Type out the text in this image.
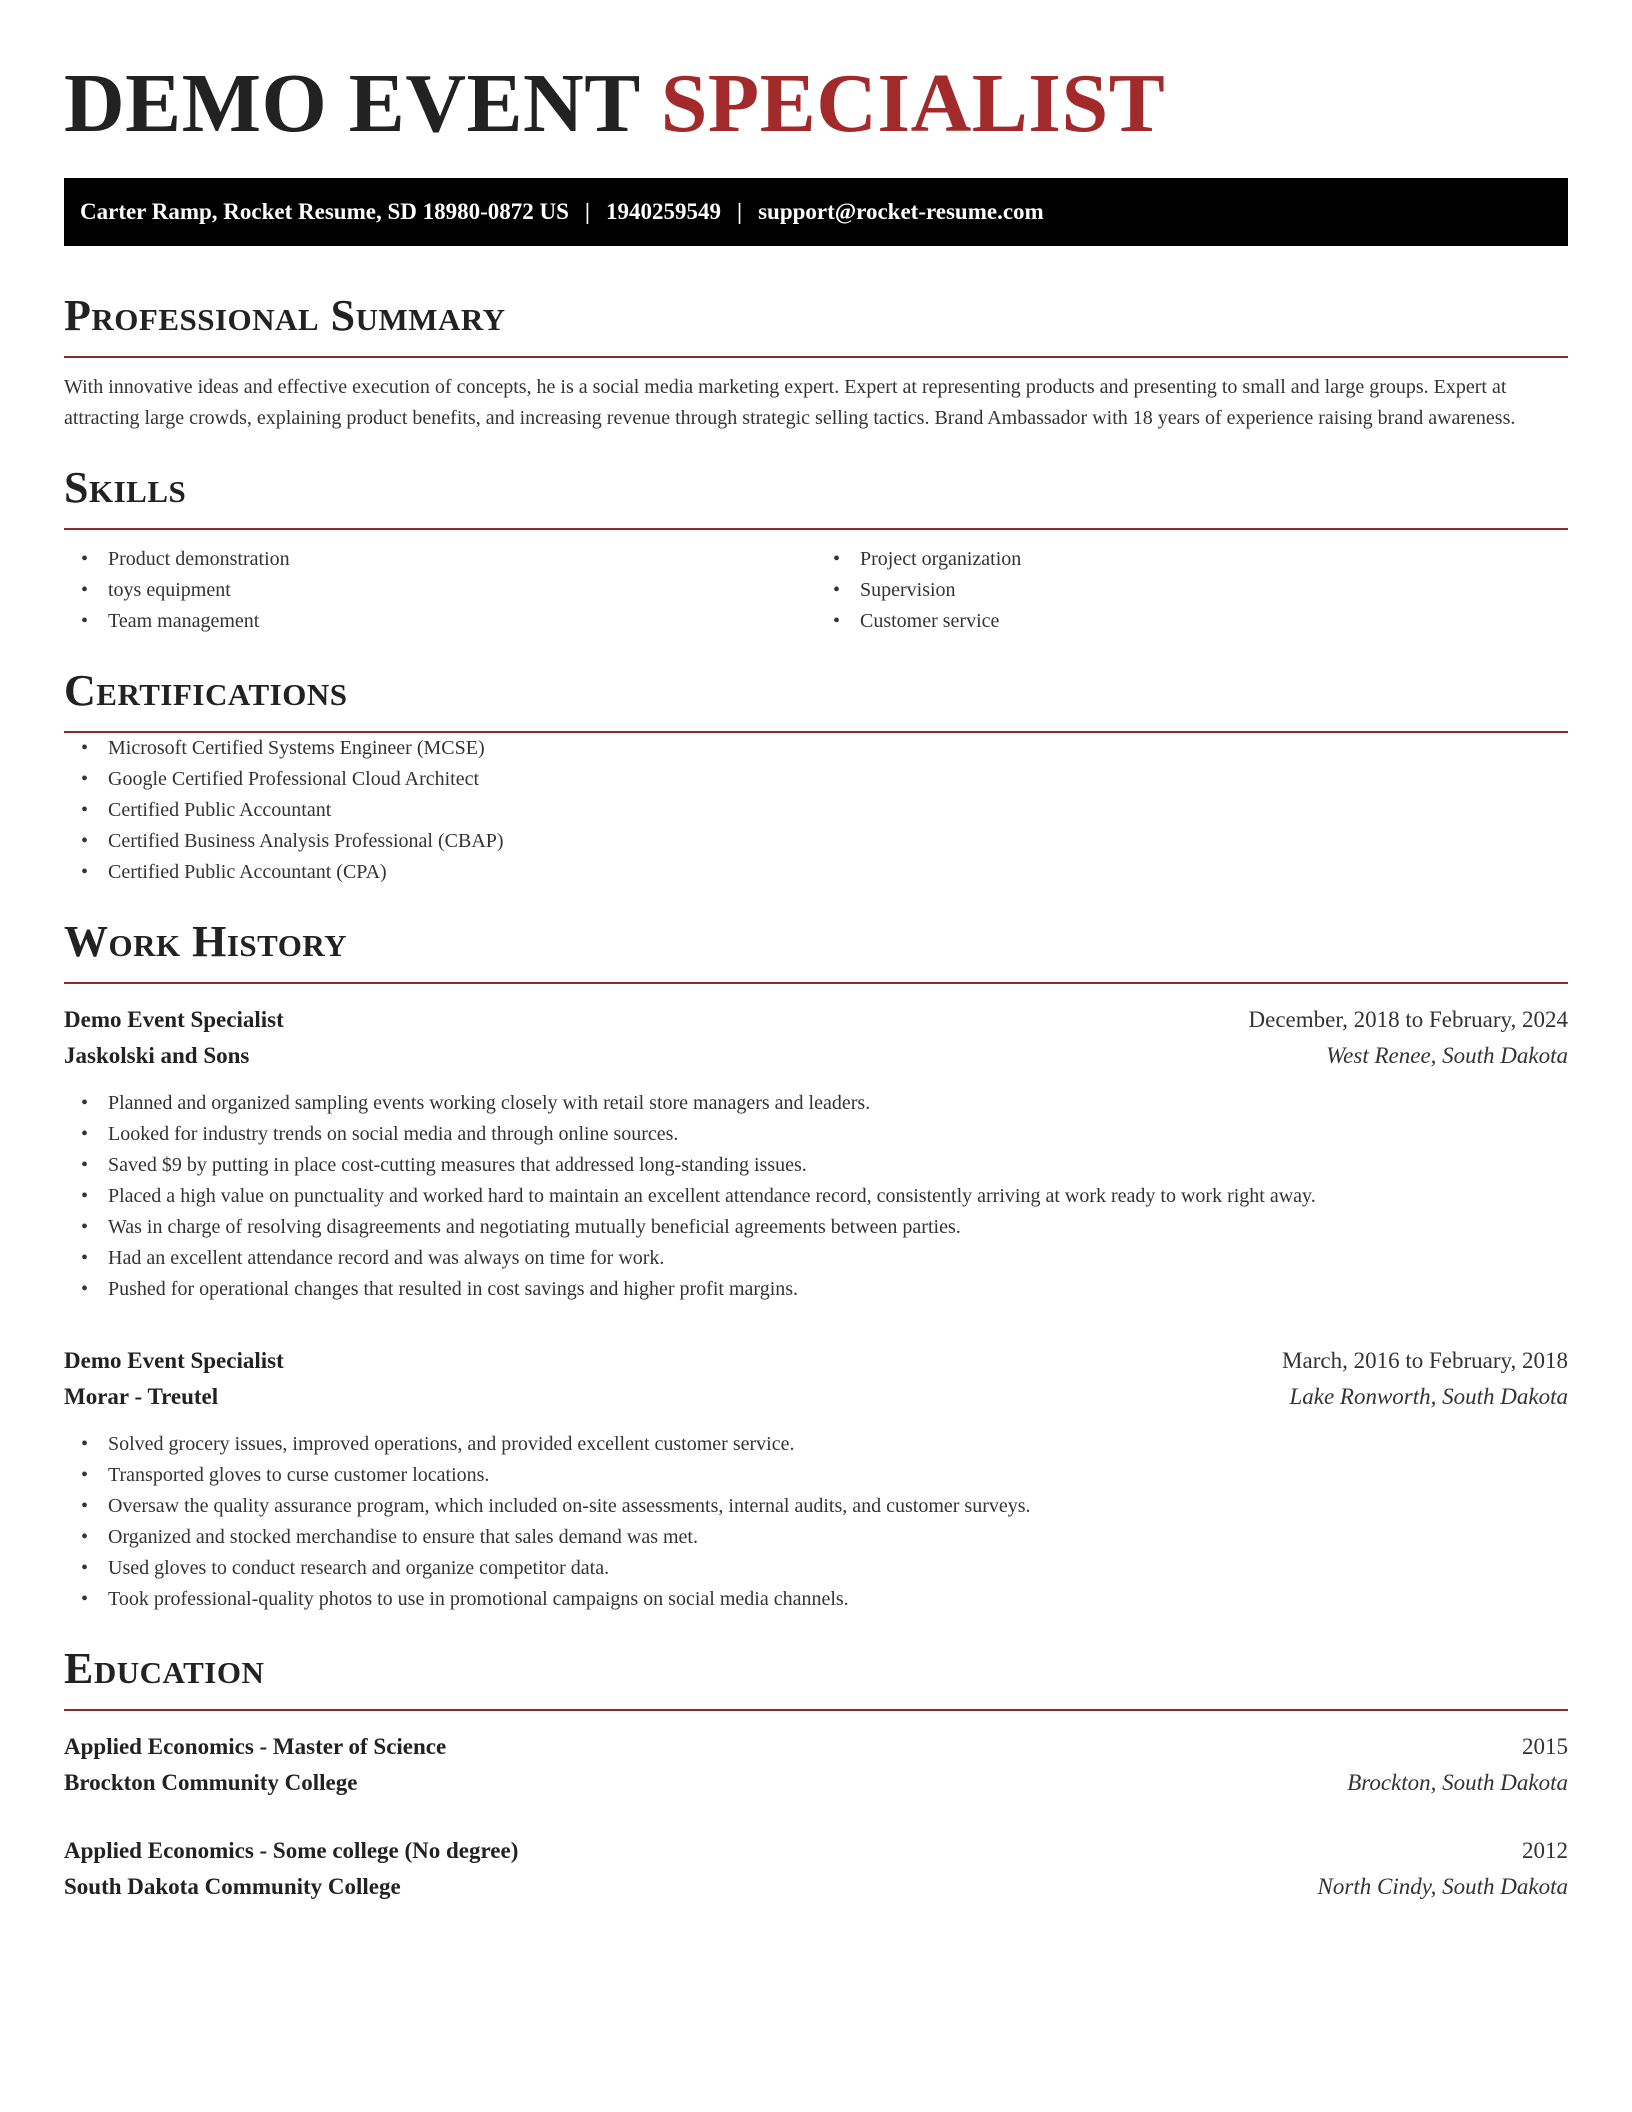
DEMO EVENT SPECIALIST
Carter Ramp, Rocket Resume, SD 18980-0872 US | 1940259549 | support@rocket-resume.com
Professional Summary

With innovative ideas and effective execution of concepts, he is a social media marketing expert. Expert at representing products and presenting to small and large groups. Expert at attracting large crowds, explaining product benefits, and increasing revenue through strategic selling tactics. Brand Ambassador with 18 years of experience raising brand awareness.

Skills
• Product demonstration
• toys equipment
• Team management
• Project organization
• Supervision
• Customer service
Certifications
• Microsoft Certified Systems Engineer (MCSE)
• Google Certified Professional Cloud Architect
• Certified Public Accountant
• Certified Business Analysis Professional (CBAP)
• Certified Public Accountant (CPA)
Work History
Demo Event Specialist	December, 2018 to February, 2024
Jaskolski and Sons	West Renee, South Dakota
• Planned and organized sampling events working closely with retail store managers and leaders.
• Looked for industry trends on social media and through online sources.
• Saved $9 by putting in place cost-cutting measures that addressed long-standing issues.
• Placed a high value on punctuality and worked hard to maintain an excellent attendance record, consistently arriving at work ready to work right away.
• Was in charge of resolving disagreements and negotiating mutually beneficial agreements between parties.
• Had an excellent attendance record and was always on time for work.
• Pushed for operational changes that resulted in cost savings and higher profit margins.
Demo Event Specialist	March, 2016 to February, 2018
Morar - Treutel	Lake Ronworth, South Dakota
• Solved grocery issues, improved operations, and provided excellent customer service.
• Transported gloves to curse customer locations.
• Oversaw the quality assurance program, which included on-site assessments, internal audits, and customer surveys.
• Organized and stocked merchandise to ensure that sales demand was met.
• Used gloves to conduct research and organize competitor data.
• Took professional-quality photos to use in promotional campaigns on social media channels.
Education
Applied Economics - Master of Science	2015
Brockton Community College	Brockton, South Dakota
Applied Economics - Some college (No degree)	2012
South Dakota Community College	North Cindy, South Dakota
